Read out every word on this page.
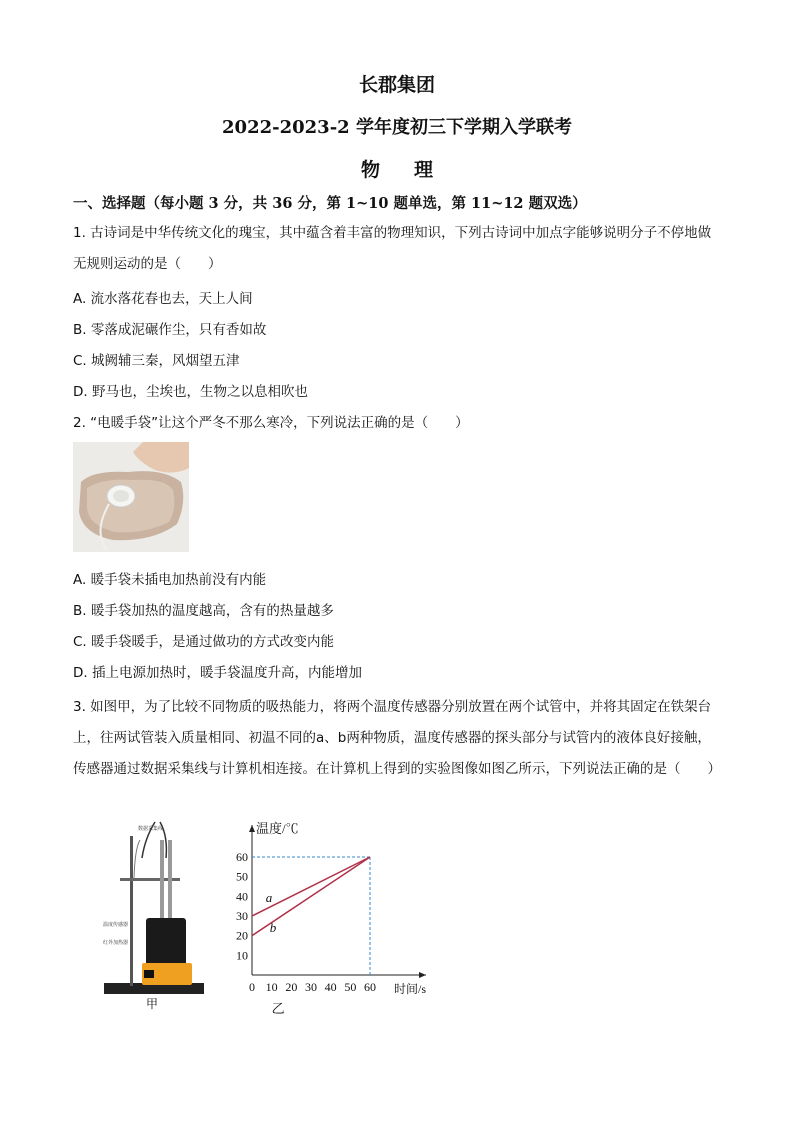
长郡集团
2022-2023-2 学年度初三下学期入学联考
物理
一、选择题（每小题 3 分，共 36 分，第 1~10 题单选，第 11~12 题双选）
1. 古诗词是中华传统文化的瑰宝，其中蕴含着丰富的物理知识，下列古诗词中加点字能够说明分子不停地做无规则运动的是（　　）
A. 流水落花春也去，天上人间
B. 零落成泥碾作尘，只有香如故
C. 城阙辅三秦，风烟望五津
D. 野马也，尘埃也，生物之以息相吹也
2. “电暖手袋”让这个严冬不那么寒冷，下列说法正确的是（　　）
A. 暖手袋未插电加热前没有内能
B. 暖手袋加热的温度越高，含有的热量越多
C. 暖手袋暖手，是通过做功的方式改变内能
D. 插上电源加热时，暖手袋温度升高，内能增加
3. 如图甲，为了比较不同物质的吸热能力，将两个温度传感器分别放置在两个试管中，并将其固定在铁架台上，往两试管装入质量相同、初温不同的a、b两种物质，温度传感器的探头部分与试管内的液体良好接触，传感器通过数据采集线与计算机相连接。在计算机上得到的实验图像如图乙所示，下列说法正确的是（　　）
温度传感器
红外加热器
数据采集线
甲
0 10 20 30 40 50 60
10
20
30
40
50
60
温度/℃
时间/s
a
b
乙
